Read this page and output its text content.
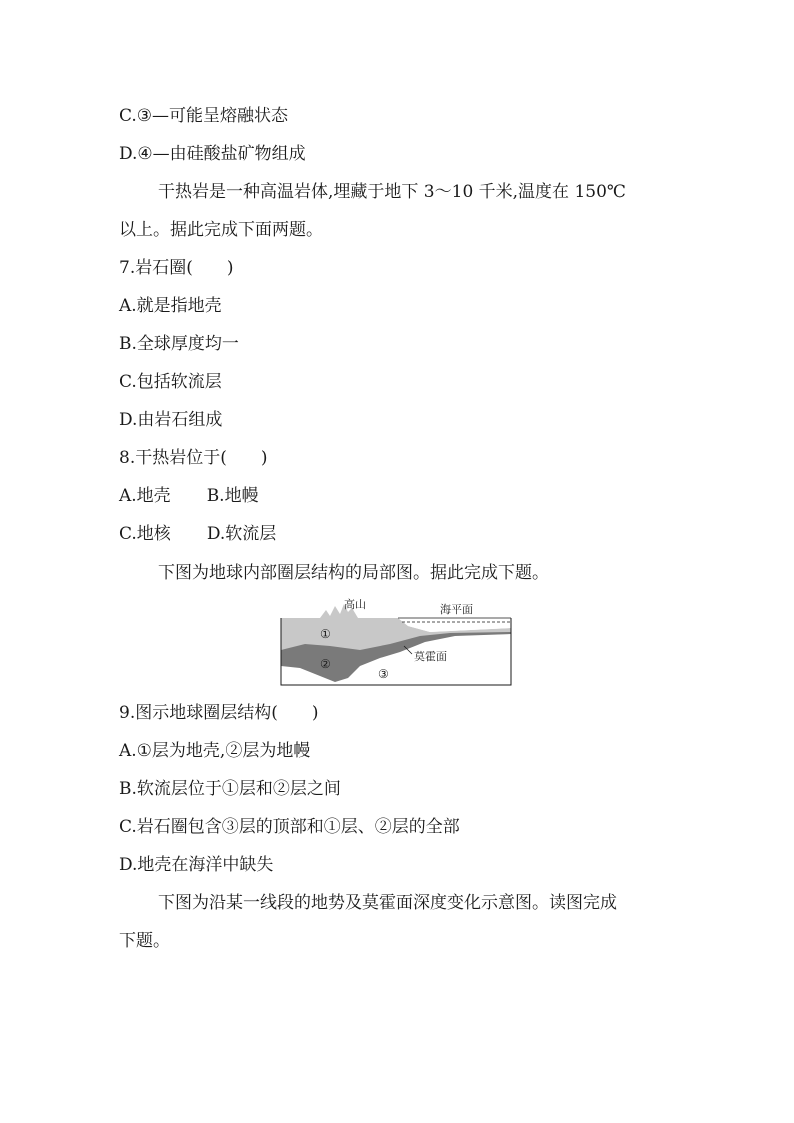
C.③—可能呈熔融状态
D.④—由硅酸盐矿物组成
干热岩是一种高温岩体,埋藏于地下 3～10 千米,温度在 150℃
以上。据此完成下面两题。
7.岩石圈(　　)
A.就是指地壳
B.全球厚度均一
C.包括软流层
D.由岩石组成
8.干热岩位于(　　)
A.地壳 B.地幔
C.地核 D.软流层
下图为地球内部圈层结构的局部图。据此完成下题。
高山	海平面
①
②
③
莫霍面
9.图示地球圈层结构(　　)
A.①层为地壳,②层为地幔
B.软流层位于①层和②层之间
C.岩石圈包含③层的顶部和①层、②层的全部
D.地壳在海洋中缺失
下图为沿某一线段的地势及莫霍面深度变化示意图。读图完成
下题。
